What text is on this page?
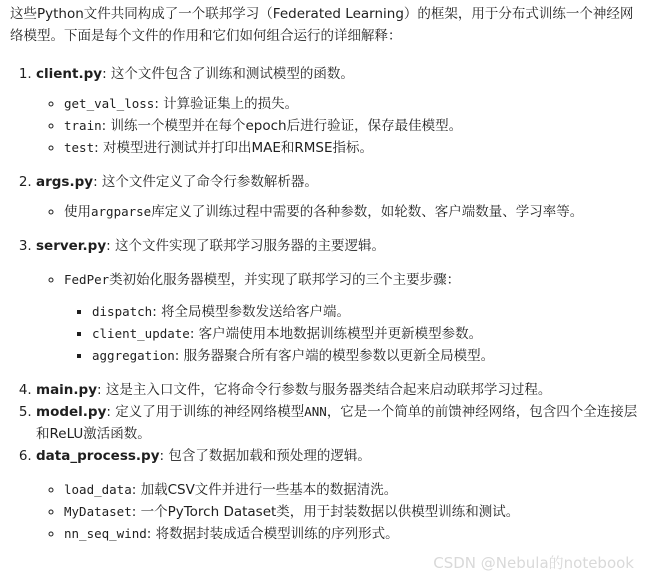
这些Python文件共同构成了一个联邦学习（Federated Learning）的框架，用于分布式训练一个神经网络模型。下面是每个文件的作用和它们如何组合运行的详细解释：

1. client.py: 这个文件包含了训练和测试模型的函数。
◦ get_val_loss: 计算验证集上的损失。
◦ train: 训练一个模型并在每个epoch后进行验证，保存最佳模型。
◦ test: 对模型进行测试并打印出MAE和RMSE指标。
2. args.py: 这个文件定义了命令行参数解析器。
◦ 使用argparse库定义了训练过程中需要的各种参数，如轮数、客户端数量、学习率等。
3. server.py: 这个文件实现了联邦学习服务器的主要逻辑。
◦ FedPer类初始化服务器模型，并实现了联邦学习的三个主要步骤：
▪ dispatch: 将全局模型参数发送给客户端。
▪ client_update: 客户端使用本地数据训练模型并更新模型参数。
▪ aggregation: 服务器聚合所有客户端的模型参数以更新全局模型。
4. main.py: 这是主入口文件，它将命令行参数与服务器类结合起来启动联邦学习过程。
5. model.py: 定义了用于训练的神经网络模型ANN，它是一个简单的前馈神经网络，包含四个全连接层和ReLU激活函数。
6. data_process.py: 包含了数据加载和预处理的逻辑。
◦ load_data: 加载CSV文件并进行一些基本的数据清洗。
◦ MyDataset: 一个PyTorch Dataset类，用于封装数据以供模型训练和测试。
◦ nn_seq_wind: 将数据封装成适合模型训练的序列形式。
CSDN @Nebula的notebook
